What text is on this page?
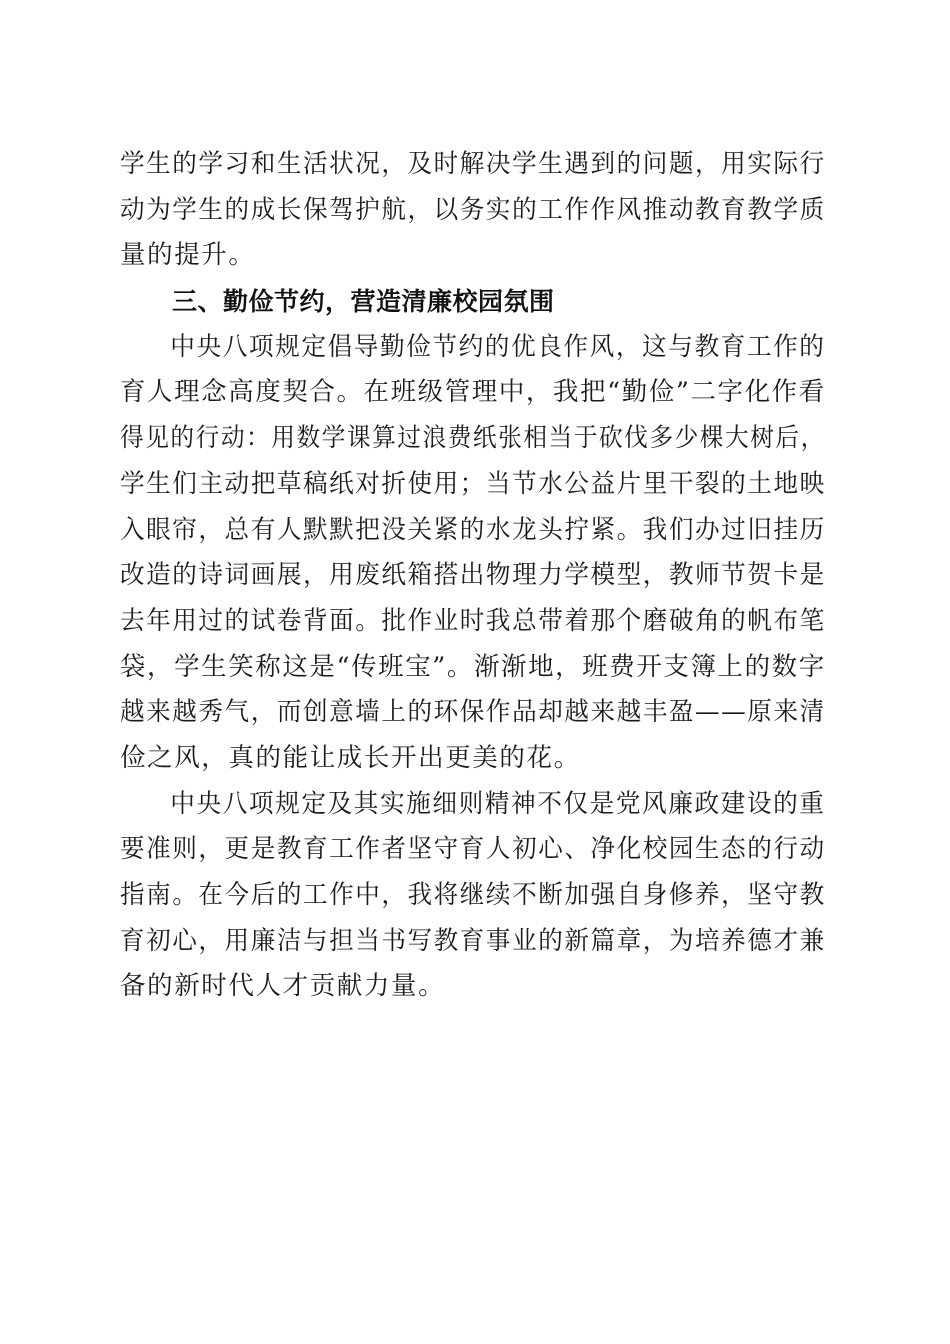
学生的学习和生活状况，及时解决学生遇到的问题，用实际行
动为学生的成长保驾护航，以务实的工作作风推动教育教学质
量的提升。
三、勤俭节约，营造清廉校园氛围
中央八项规定倡导勤俭节约的优良作风，这与教育工作的
育人理念高度契合。在班级管理中，我把“勤俭”二字化作看
得见的行动：用数学课算过浪费纸张相当于砍伐多少棵大树后，
学生们主动把草稿纸对折使用；当节水公益片里干裂的土地映
入眼帘，总有人默默把没关紧的水龙头拧紧。我们办过旧挂历
改造的诗词画展，用废纸箱搭出物理力学模型，教师节贺卡是
去年用过的试卷背面。批作业时我总带着那个磨破角的帆布笔
袋，学生笑称这是“传班宝”。渐渐地，班费开支簿上的数字
越来越秀气，而创意墙上的环保作品却越来越丰盈——原来清
俭之风，真的能让成长开出更美的花。
中央八项规定及其实施细则精神不仅是党风廉政建设的重
要准则，更是教育工作者坚守育人初心、净化校园生态的行动
指南。在今后的工作中，我将继续不断加强自身修养，坚守教
育初心，用廉洁与担当书写教育事业的新篇章，为培养德才兼
备的新时代人才贡献力量。
